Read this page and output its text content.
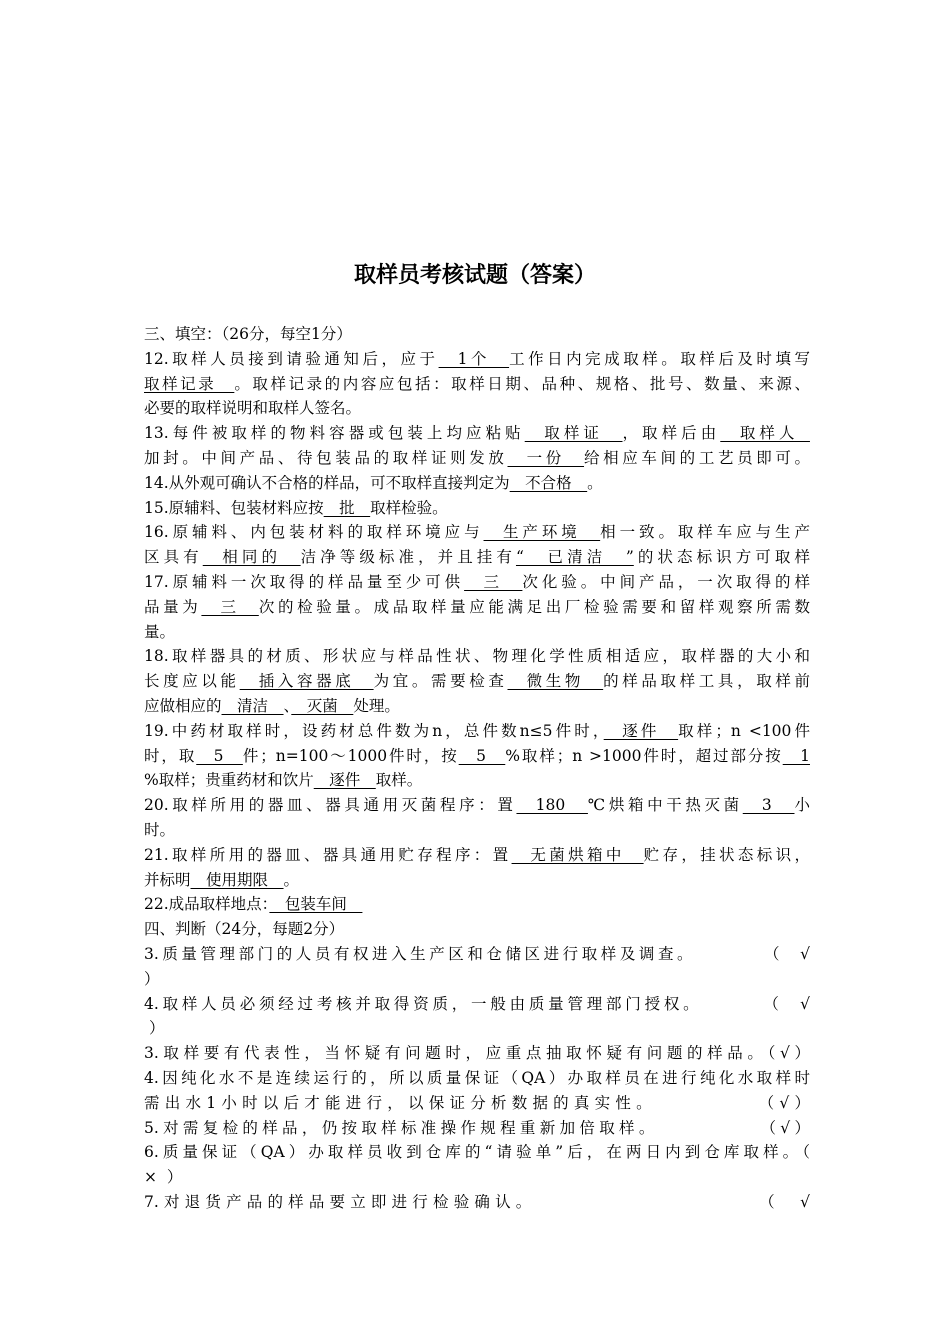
取样员考核试题（答案）
三、填空：（26分，每空1分）
12.取样人员接到请验通知后，应于　1个　工作日内完成取样。取样后及时填写
取样记录　。取样记录的内容应包括：取样日期、品种、规格、批号、数量、来源、
必要的取样说明和取样人签名。
13.每件被取样的物料容器或包装上均应粘贴　取样证　，取样后由　取样人　
加封。中间产品、待包装品的取样证则发放　一份　给相应车间的工艺员即可。
14.从外观可确认不合格的样品，可不取样直接判定为　不合格　。
15.原辅料、包装材料应按　批　取样检验。
16.原辅料、内包装材料的取样环境应与　生产环境　相一致。取样车应与生产
区具有　相同的　洁净等级标准，并且挂有“　已清洁　”的状态标识方可取样
17.原辅料一次取得的样品量至少可供　三　次化验。中间产品，一次取得的样
品量为　三　次的检验量。成品取样量应能满足出厂检验需要和留样观察所需数
量。
18.取样器具的材质、形状应与样品性状、物理化学性质相适应，取样器的大小和
长度应以能　插入容器底　为宜。需要检查　微生物　的样品取样工具，取样前
应做相应的　清洁　、　灭菌　处理。
19.中药材取样时，设药材总件数为n，总件数n≤5件时，　逐件　取样；n <100件
时，取　5　件；n=100～1000件时，按　5　%取样；n >1000件时，超过部分按　1
%取样；贵重药材和饮片　逐件　取样。
20.取样所用的器皿、器具通用灭菌程序：置　180　℃烘箱中干热灭菌　3　小
时。
21.取样所用的器皿、器具通用贮存程序：置　无菌烘箱中　贮存，挂状态标识，
并标明　使用期限　。
22.成品取样地点：　包装车间　
四、判断（24分，每题2分）
3.质量管理部门的人员有权进入生产区和仓储区进行取样及调查。	（ √
）
4.取样人员必须经过考核并取得资质，一般由质量管理部门授权。	（ √
）
3.取样要有代表性，当怀疑有问题时，应重点抽取怀疑有问题的样品。（√）
4.因纯化水不是连续运行的，所以质量保证（QA）办取样员在进行纯化水取样时
需出水1小时以后才能进行，以保证分析数据的真实性。	（√）
5.对需复检的样品，仍按取样标准操作规程重新加倍取样。	（√）
6.质量保证（QA）办取样员收到仓库的“请验单”后，在两日内到仓库取样。（
× ）
7.对退货产品的样品要立即进行检验确认。	（ √
